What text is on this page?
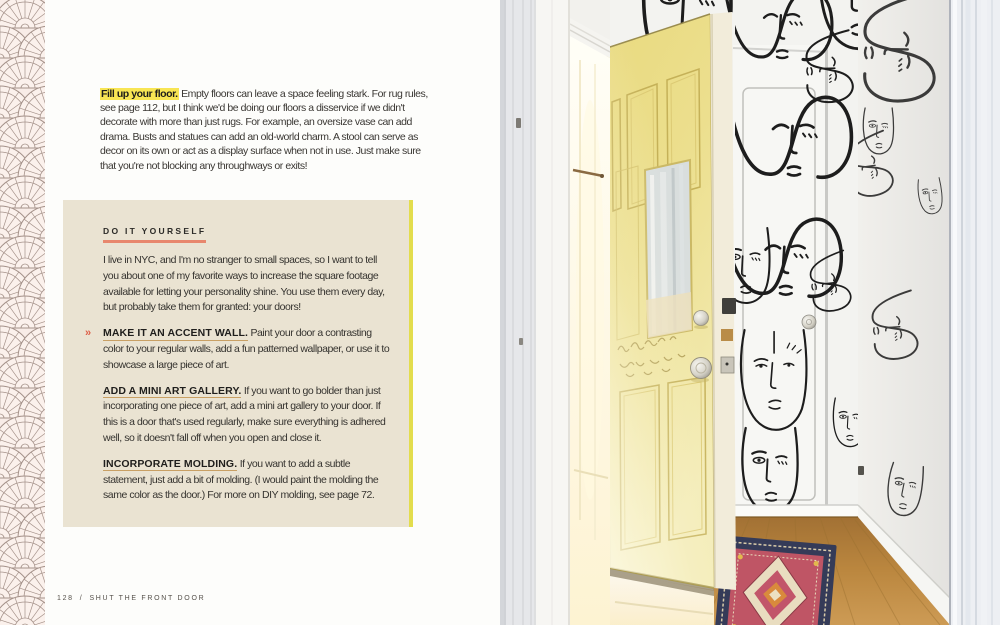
Fill up your floor. Empty floors can leave a space feeling stark. For rug rules, see page 112, but I think we'd be doing our floors a disservice if we didn't decorate with more than just rugs. For example, an oversize vase can add drama. Busts and statues can add an old-world charm. A stool can serve as decor on its own or act as a display surface when not in use. Just make sure that you're not blocking any throughways or exits!

DO IT YOURSELF

I live in NYC, and I'm no stranger to small spaces, so I want to tell you about one of my favorite ways to increase the square footage available for letting your personality shine. You use them every day, but probably take them for granted: your doors!

» MAKE IT AN ACCENT WALL. Paint your door a contrasting color to your regular walls, add a fun patterned wallpaper, or use it to showcase a large piece of art.

ADD A MINI ART GALLERY. If you want to go bolder than just incorporating one piece of art, add a mini art gallery to your door. If this is a door that's used regularly, make sure everything is adhered well, so it doesn't fall off when you open and close it.

INCORPORATE MOLDING. If you want to add a subtle statement, just add a bit of molding. (I would paint the molding the same color as the door.) For more on DIY molding, see page 72.

128 / SHUT THE FRONT DOOR
